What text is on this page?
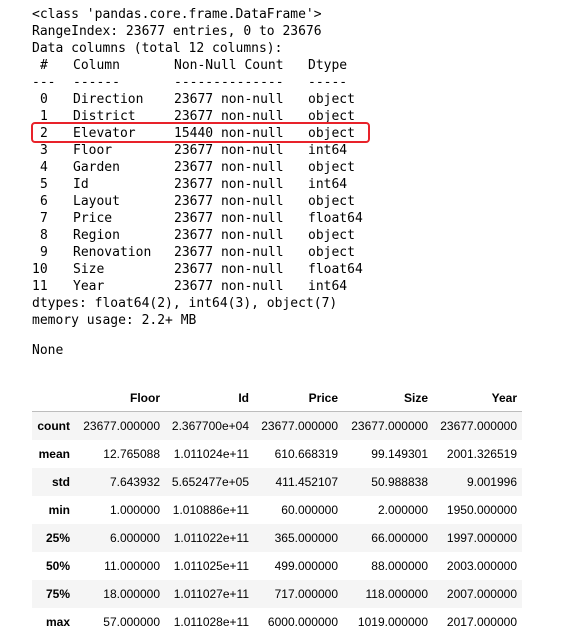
<class 'pandas.core.frame.DataFrame'>
RangeIndex: 23677 entries, 0 to 23676
Data columns (total 12 columns):
# Column	Non-Null Count Dtype
--- ------	-------------- -----
0 Direction 23677 non-null object
1 District	23677 non-null object
2 Elevator	15440 non-null object
3 Floor	23677 non-null int64
4 Garden	23677 non-null object
5 Id	23677 non-null int64
6 Layout	23677 non-null object
7 Price	23677 non-null float64
8 Region	23677 non-null object
9 Renovation 23677 non-null object
10 Size	23677 non-null float64
11 Year	23677 non-null int64
dtypes: float64(2), int64(3), object(7)
memory usage: 2.2+ MB
None
Floor	Id	Price	Size	Year
count	23677.000000 2.367700e+04	23677.000000	23677.000000	23677.000000
mean	12.765088	1.011024e+11	610.668319	99.149301	2001.326519
std	7.643932 5.652477e+05	411.452107	50.988838	9.001996
min	1.000000	1.010886e+11	60.000000	2.000000	1950.000000
25%	6.000000	1.011022e+11	365.000000	66.000000	1997.000000
50%	11.000000	1.011025e+11	499.000000	88.000000	2003.000000
75%	18.000000	1.011027e+11	717.000000	118.000000	2007.000000
max	57.000000	1.011028e+11	6000.000000	1019.000000	2017.000000
